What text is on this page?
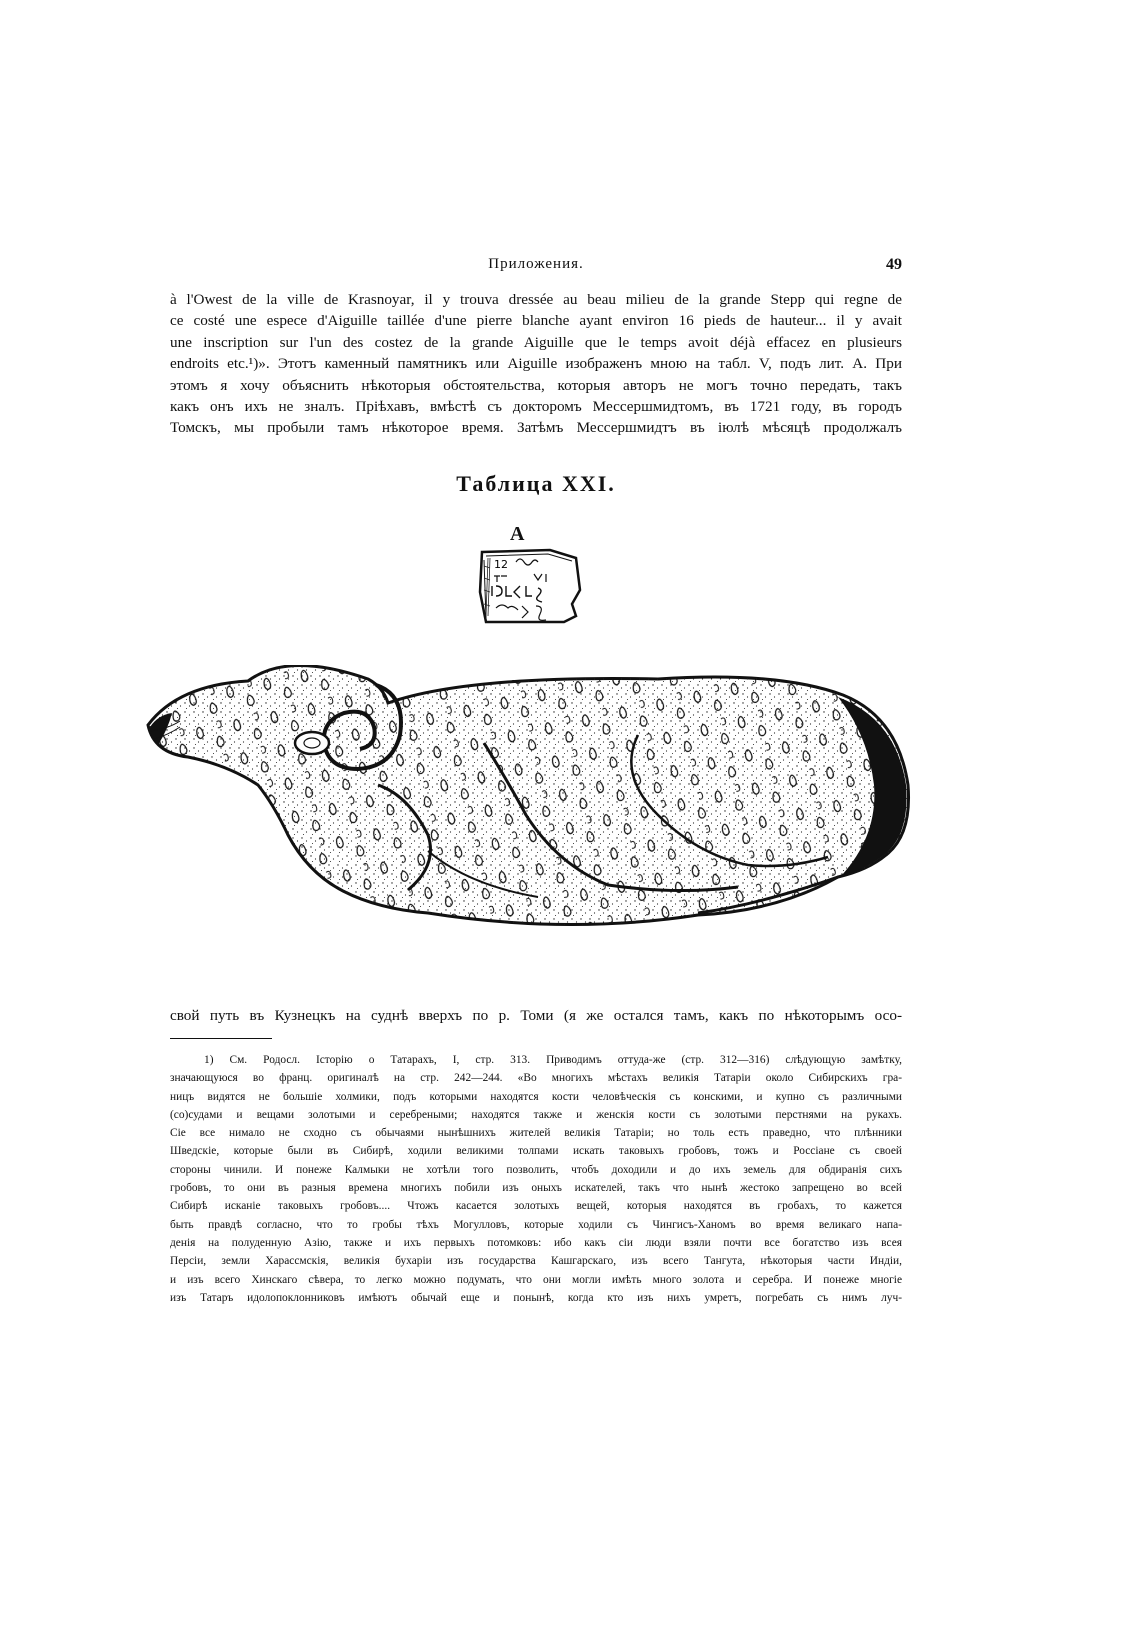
Приложения.	49
à l'Owest de la ville de Krasnoyar, il y trouva dressée au beau milieu de la grande Stepp qui regne de
ce costé une espece d'Aiguille taillée d'une pierre blanche ayant environ 16 pieds de hauteur... il y avait
une inscription sur l'un des costez de la grande Aiguille que le temps avoit déjà effacez en plusieurs
endroits etc.¹)». Этотъ каменный памятникъ или Aiguille изображенъ мною на табл. V, подъ лит. A. При
этомъ я хочу объяснить нѣкоторыя обстоятельства, которыя авторъ не могъ точно передать, такъ
какъ онъ ихъ не зналъ. Прiѣхавъ, вмѣстѣ съ докторомъ Мессершмидтомъ, въ 1721 году, въ городъ
Томскъ, мы пробыли тамъ нѣкоторое время. Затѣмъ Мессершмидтъ въ iюлѣ мѣсяцѣ продолжалъ
Таблица XXI.
A
12
свой путь въ Кузнецкъ на суднѣ вверхъ по р. Томи (я же остался тамъ, какъ по нѣкоторымъ осо-
1) См. Родосл. Iсторiю о Татарахъ, I, стр. 313. Приводимъ оттуда-же (стр. 312—316) слѣдующую замѣтку,
значающуюся во франц. оригиналѣ на стр. 242—244. «Во многихъ мѣстахъ великiя Татарiи около Сибирскихъ гра-
ницъ видятся не большiе холмики, подъ которыми находятся кости человѣческiя съ конскими, и купно съ различными
(со)судами и вещами золотыми и серебреными; находятся также и женскiя кости съ золотыми перстнями на рукахъ.
Сiе все нимало не сходно съ обычаями нынѣшнихъ жителей великiя Татарiи; но толь есть праведно, что плѣнники
Шведскiе, которые были въ Сибирѣ, ходили великими толпами искать таковыхъ гробовъ, тожъ и Россiане съ своей
стороны чинили. И понеже Калмыки не хотѣли того позволить, чтобъ доходили и до ихъ земель для обдиранiя сихъ
гробовъ, то они въ разныя времена многихъ побили изъ оныхъ искателей, такъ что нынѣ жестоко запрещено во всей
Сибирѣ исканiе таковыхъ гробовъ.... Чтожъ касается золотыхъ вещей, которыя находятся въ гробахъ, то кажется
быть правдѣ согласно, что то гробы тѣхъ Могулловъ, которые ходили съ Чингисъ-Ханомъ во время великаго напа-
денiя на полуденную Азiю, также и ихъ первыхъ потомковъ: ибо какъ сiи люди взяли почти все богатство изъ всея
Персiи, земли Харассмскiя, великiя бухарiи изъ государства Кашгарскаго, изъ всего Тангута, нѣкоторыя части Индiи,
и изъ всего Хинскаго сѣвера, то легко можно подумать, что они могли имѣть много золота и серебра. И понеже многiе
изъ Татаръ идолопоклонниковъ имѣютъ обычай еще и понынѣ, когда кто изъ нихъ умретъ, погребать съ нимъ луч-
